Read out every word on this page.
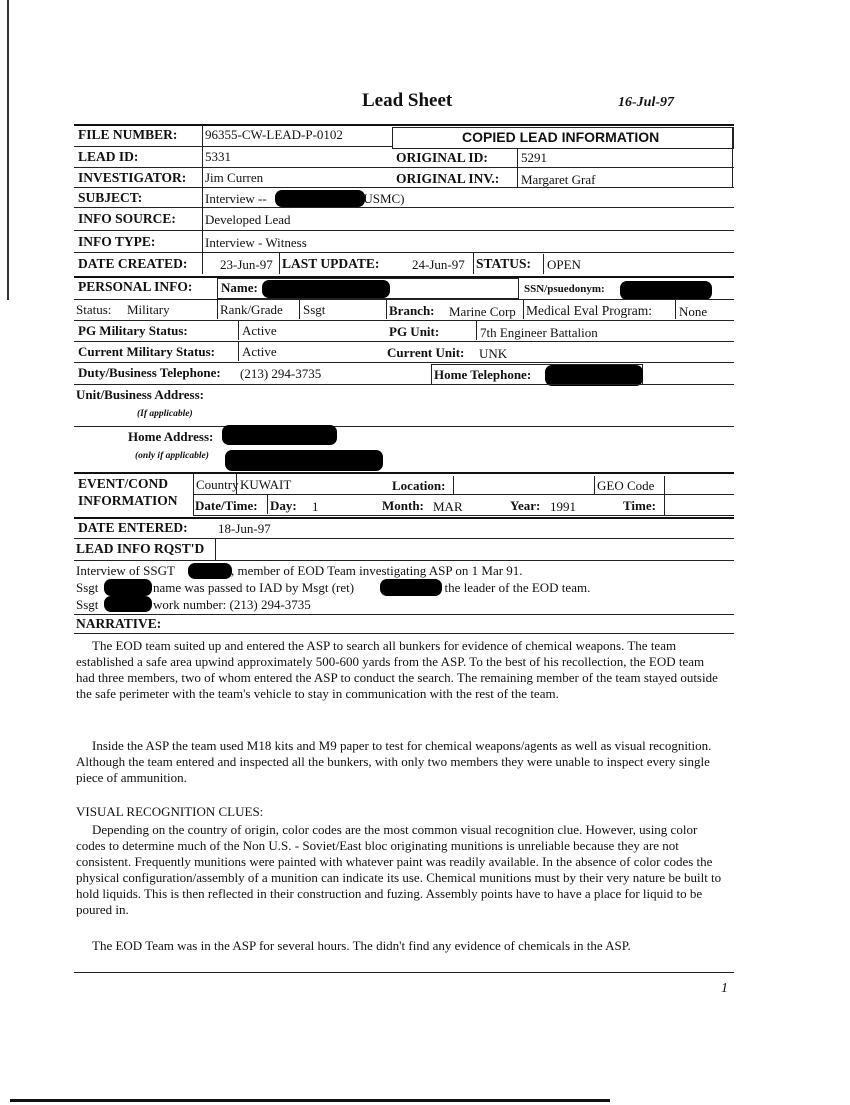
Lead Sheet	16-Jul-97
COPIED LEAD INFORMATION
FILE NUMBER: 96355-CW-LEAD-P-0102
LEAD ID:	5331	ORIGINAL ID:	5291
INVESTIGATOR: Jim Curren	ORIGINAL INV.: Margaret Graf
SUBJECT:	Interview --	(USMC)
INFO SOURCE: Developed Lead
INFO TYPE:	Interview - Witness
DATE CREATED:	23-Jun-97 LAST UPDATE:	24-Jun-97 STATUS: OPEN
PERSONAL INFO: Name:	SSN/psuedonym:
Status: Military	Rank/Grade Ssgt	Branch: Marine Corp Medical Eval Program: None
PG Military Status:	Active	PG Unit:	7th Engineer Battalion
Current Military Status: Active	Current Unit: UNK
Duty/Business Telephone: (213) 294-3735	Home Telephone:
Unit/Business Address:
(If applicable)
Home Address:
(only if applicable)
EVENT/COND
INFORMATION
Country KUWAIT	Location:	GEO Code
Date/Time: Day: 1	Month: MAR	Year: 1991	Time:
DATE ENTERED: 18-Jun-97
LEAD INFO RQST'D
Interview of SSGT	, member of EOD Team investigating ASP on 1 Mar 91.
Ssgt	name was passed to IAD by Msgt (ret)	, the leader of the EOD team.
Ssgt	work number: (213) 294-3735
NARRATIVE:

The EOD team suited up and entered the ASP to search all bunkers for evidence of chemical weapons. The team established a safe area upwind approximately 500-600 yards from the ASP. To the best of his recollection, the EOD team had three members, two of whom entered the ASP to conduct the search. The remaining member of the team stayed outside the safe perimeter with the team's vehicle to stay in communication with the rest of the team.

Inside the ASP the team used M18 kits and M9 paper to test for chemical weapons/agents as well as visual recognition. Although the team entered and inspected all the bunkers, with only two members they were unable to inspect every single piece of ammunition.

VISUAL RECOGNITION CLUES:

Depending on the country of origin, color codes are the most common visual recognition clue. However, using color codes to determine much of the Non U.S. - Soviet/East bloc originating munitions is unreliable because they are not consistent. Frequently munitions were painted with whatever paint was readily available. In the absence of color codes the physical configuration/assembly of a munition can indicate its use. Chemical munitions must by their very nature be built to hold liquids. This is then reflected in their construction and fuzing. Assembly points have to have a place for liquid to be poured in.

The EOD Team was in the ASP for several hours. The didn't find any evidence of chemicals in the ASP.

1
